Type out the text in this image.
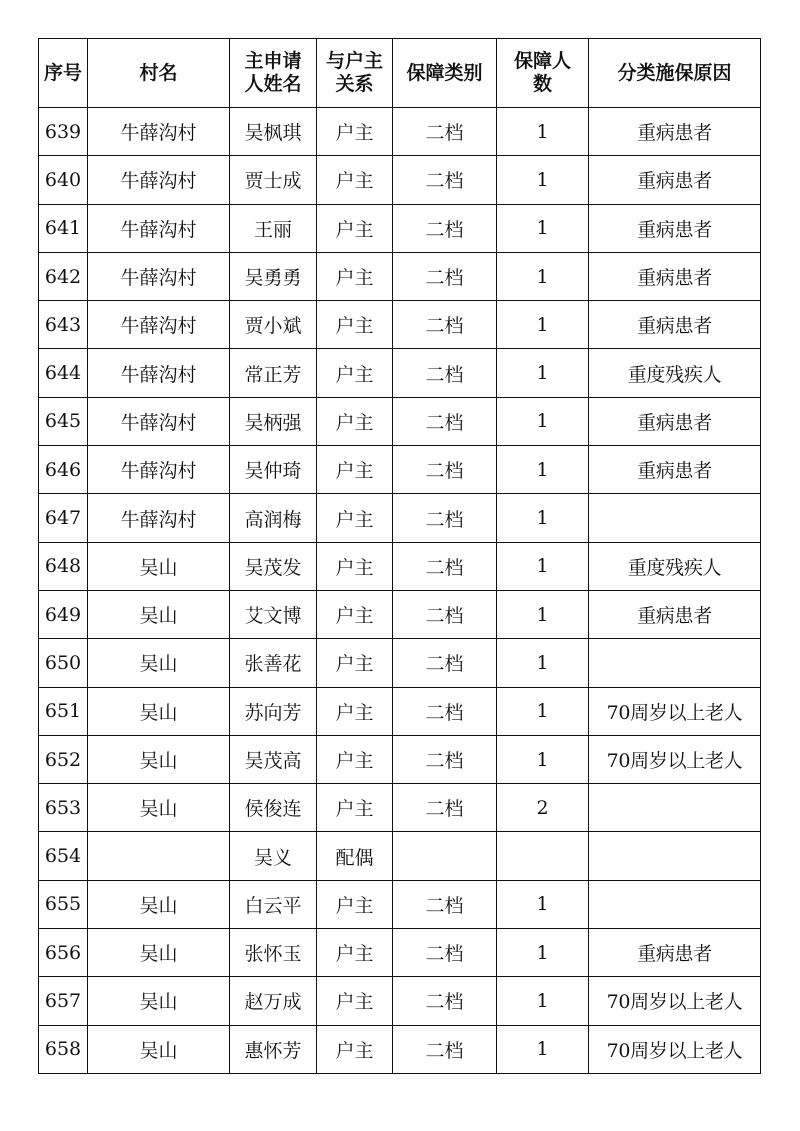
序号	村名	主申请人姓名	与户主关系	保障类别	保障人数	分类施保原因

639	牛薛沟村	吴枫琪	户主	二档	1	重病患者
640	牛薛沟村	贾士成	户主	二档	1	重病患者
641	牛薛沟村	王丽	户主	二档	1	重病患者
642	牛薛沟村	吴勇勇	户主	二档	1	重病患者
643	牛薛沟村	贾小斌	户主	二档	1	重病患者
644	牛薛沟村	常正芳	户主	二档	1	重度残疾人
645	牛薛沟村	吴柄强	户主	二档	1	重病患者
646	牛薛沟村	吴仲琦	户主	二档	1	重病患者
647	牛薛沟村	高润梅	户主	二档	1	
648	吴山	吴茂发	户主	二档	1	重度残疾人
649	吴山	艾文博	户主	二档	1	重病患者
650	吴山	张善花	户主	二档	1	
651	吴山	苏向芳	户主	二档	1	70周岁以上老人
652	吴山	吴茂高	户主	二档	1	70周岁以上老人
653	吴山	侯俊连	户主	二档	2	
654		吴义	配偶			
655	吴山	白云平	户主	二档	1	
656	吴山	张怀玉	户主	二档	1	重病患者
657	吴山	赵万成	户主	二档	1	70周岁以上老人
658	吴山	惠怀芳	户主	二档	1	70周岁以上老人
